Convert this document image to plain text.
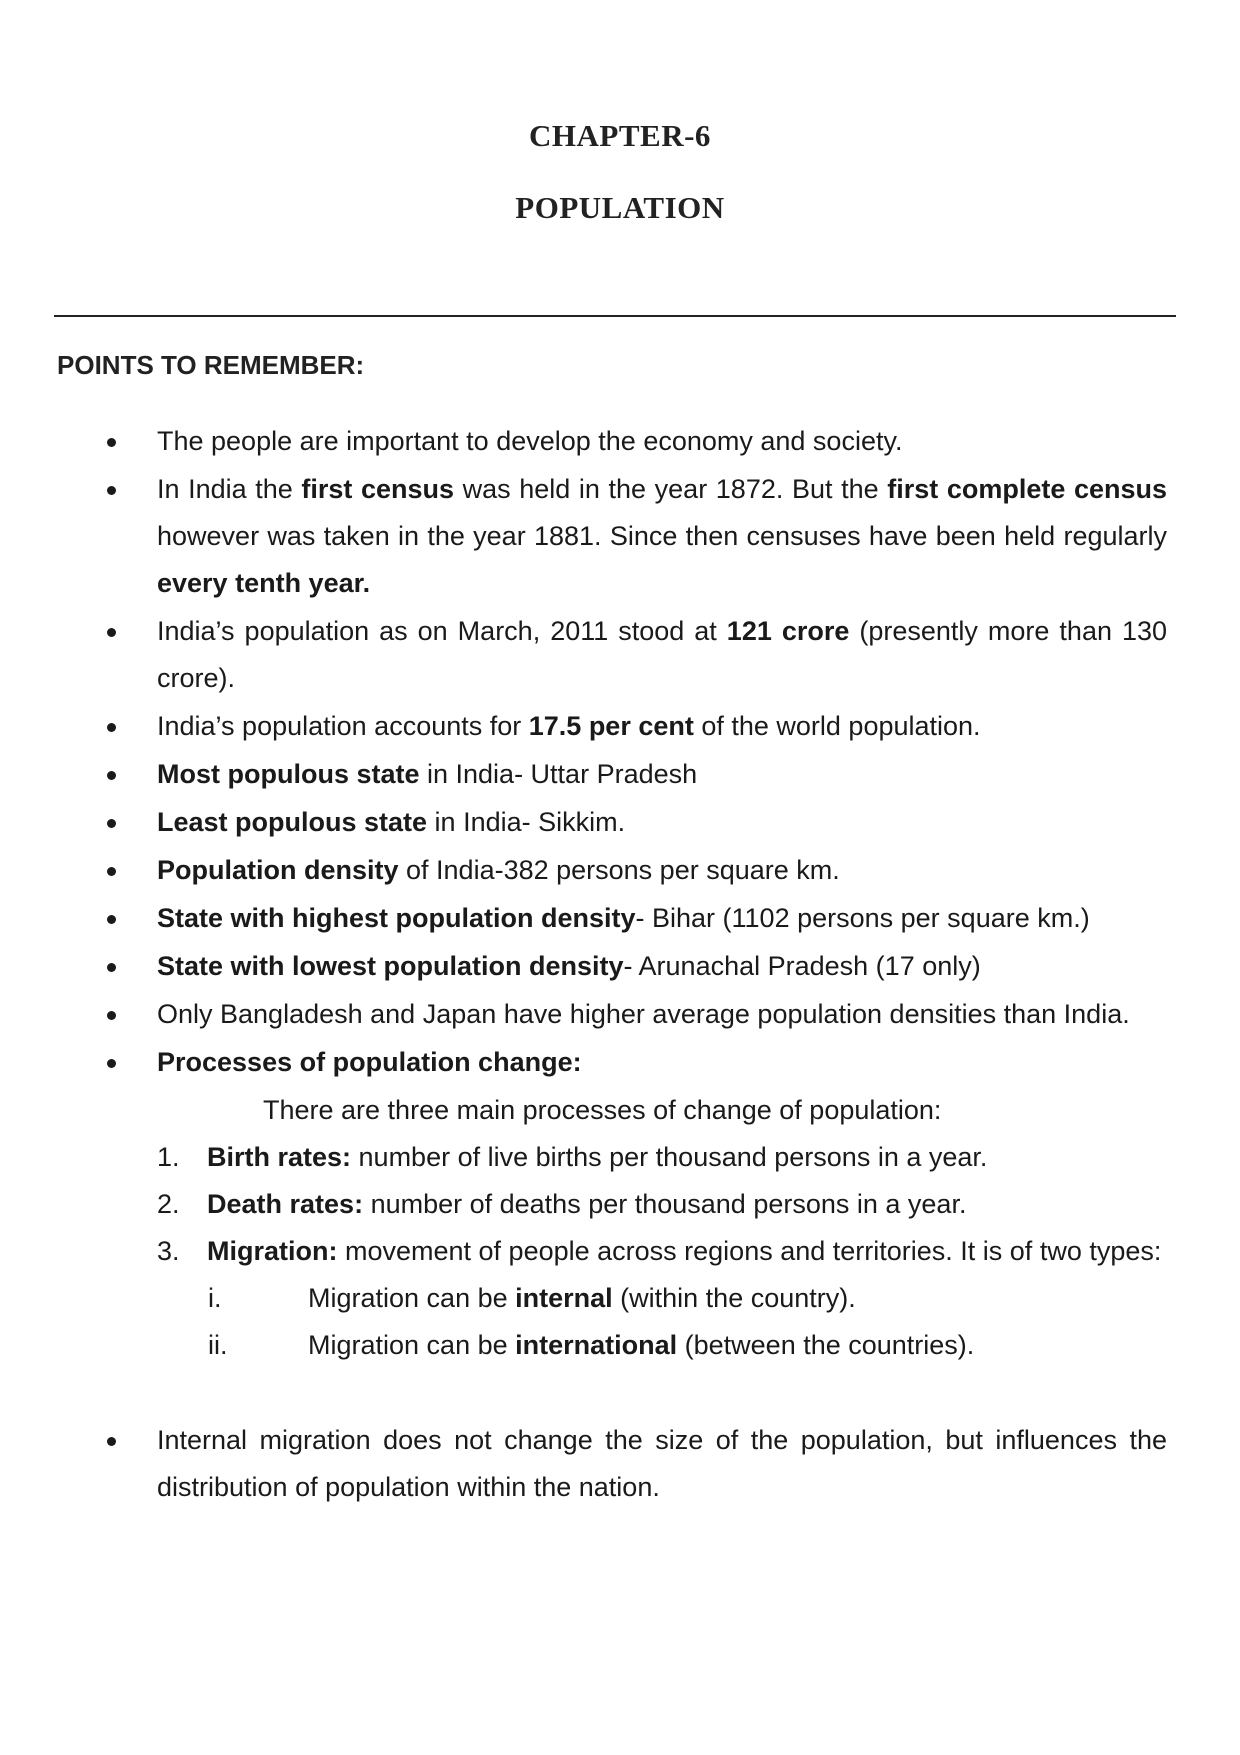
CHAPTER-6
POPULATION
POINTS TO REMEMBER:
The people are important to develop the economy and society.
In India the first census was held in the year 1872. But the first complete census however was taken in the year 1881. Since then censuses have been held regularly every tenth year.
India’s population as on March, 2011 stood at 121 crore (presently more than 130 crore).
India’s population accounts for 17.5 per cent of the world population.
Most populous state in India- Uttar Pradesh
Least populous state in India- Sikkim.
Population density of India-382 persons per square km.
State with highest population density- Bihar (1102 persons per square km.)
State with lowest population density- Arunachal Pradesh (17 only)
Only Bangladesh and Japan have higher average population densities than India.
Processes of population change:
There are three main processes of change of population:
1. Birth rates: number of live births per thousand persons in a year.
2. Death rates: number of deaths per thousand persons in a year.
3. Migration: movement of people across regions and territories. It is of two types:
i.	Migration can be internal (within the country).
ii.	Migration can be international (between the countries).
Internal migration does not change the size of the population, but influences the distribution of population within the nation.
